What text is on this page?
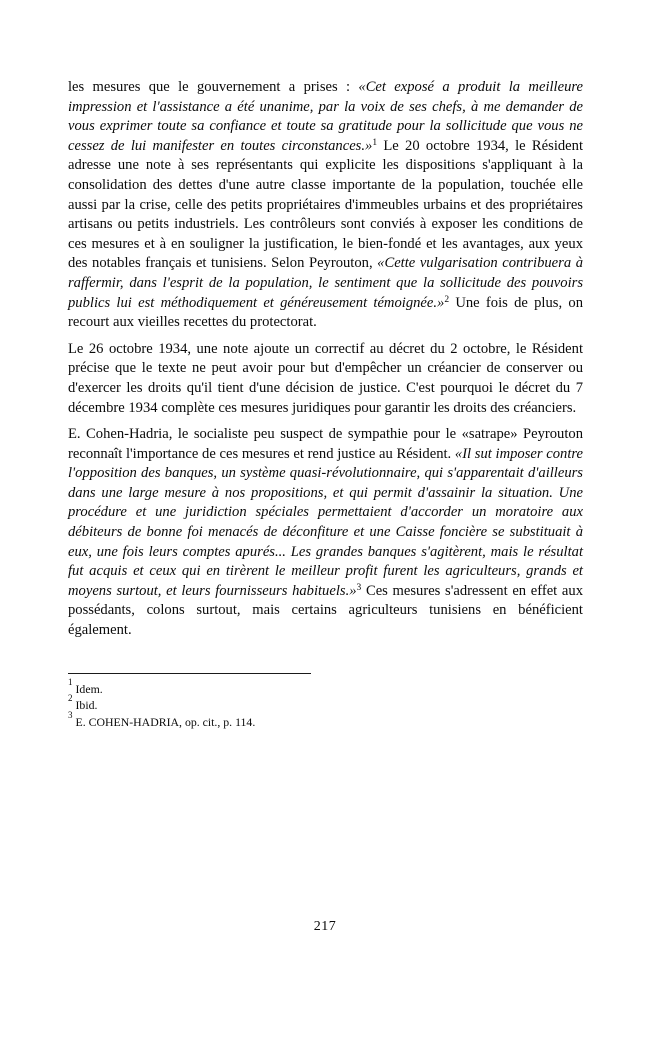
les mesures que le gouvernement a prises : «Cet exposé a produit la meilleure impression et l'assistance a été unanime, par la voix de ses chefs, à me demander de vous exprimer toute sa confiance et toute sa gratitude pour la sollicitude que vous ne cessez de lui manifester en toutes circonstances.»$^1$ Le 20 octobre 1934, le Résident adresse une note à ses représentants qui explicite les dispositions s'appliquant à la consolidation des dettes d'une autre classe importante de la population, touchée elle aussi par la crise, celle des petits propriétaires d'immeubles urbains et des propriétaires artisans ou petits industriels. Les contrôleurs sont conviés à exposer les conditions de ces mesures et à en souligner la justification, le bien-fondé et les avantages, aux yeux des notables français et tunisiens. Selon Peyrouton, «Cette vulgarisation contribuera à raffermir, dans l'esprit de la population, le sentiment que la sollicitude des pouvoirs publics lui est méthodiquement et généreusement témoignée.»$^2$ Une fois de plus, on recourt aux vieilles recettes du protectorat.

Le 26 octobre 1934, une note ajoute un correctif au décret du 2 octobre, le Résident précise que le texte ne peut avoir pour but d'empêcher un créancier de conserver ou d'exercer les droits qu'il tient d'une décision de justice. C'est pourquoi le décret du 7 décembre 1934 complète ces mesures juridiques pour garantir les droits des créanciers.

E. Cohen-Hadria, le socialiste peu suspect de sympathie pour le «satrape» Peyrouton reconnaît l'importance de ces mesures et rend justice au Résident. «Il sut imposer contre l'opposition des banques, un système quasi-révolutionnaire, qui s'apparentait d'ailleurs dans une large mesure à nos propositions, et qui permit d'assainir la situation. Une procédure et une juridiction spéciales permettaient d'accorder un moratoire aux débiteurs de bonne foi menacés de déconfiture et une Caisse foncière se substituait à eux, une fois leurs comptes apurés... Les grandes banques s'agitèrent, mais le résultat fut acquis et ceux qui en tirèrent le meilleur profit furent les agriculteurs, grands et moyens surtout, et leurs fournisseurs habituels.»$^3$ Ces mesures s'adressent en effet aux possédants, colons surtout, mais certains agriculteurs tunisiens en bénéficient également.

$^1$ Idem.
$^2$ Ibid.
$^3$ E. COHEN-HADRIA, op. cit., p. 114.
217
